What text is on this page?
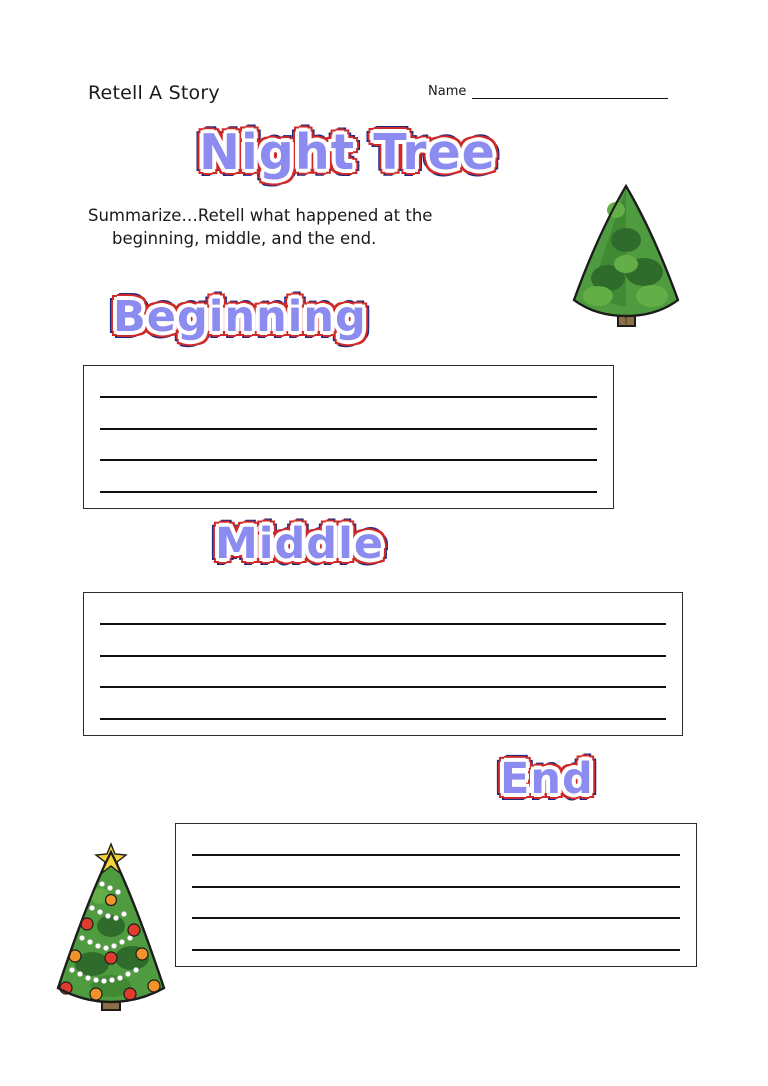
Retell A Story	Name
Night Tree
Summarize…Retell what happened at the
beginning, middle, and the end.
Beginning
Middle
End
